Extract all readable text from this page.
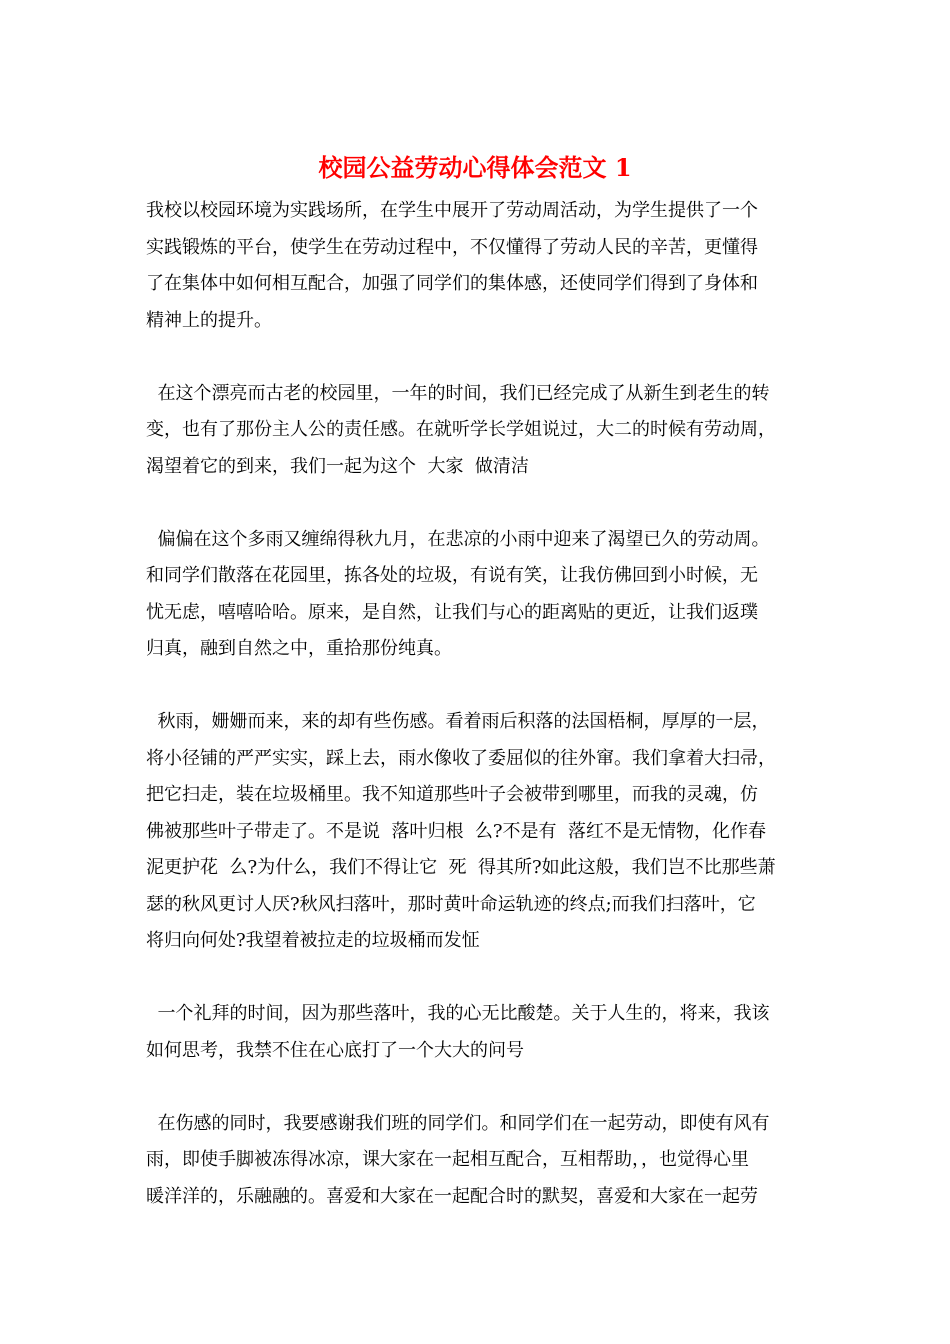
校园公益劳动心得体会范文 1

我校以校园环境为实践场所，在学生中展开了劳动周活动，为学生提供了一个
实践锻炼的平台，使学生在劳动过程中，不仅懂得了劳动人民的辛苦，更懂得
了在集体中如何相互配合，加强了同学们的集体感，还使同学们得到了身体和
精神上的提升。

在这个漂亮而古老的校园里，一年的时间，我们已经完成了从新生到老生的转
变，也有了那份主人公的责任感。在就听学长学姐说过，大二的时候有劳动周，
渴望着它的到来，我们一起为这个  大家  做清洁

偏偏在这个多雨又缠绵得秋九月，在悲凉的小雨中迎来了渴望已久的劳动周。
和同学们散落在花园里，拣各处的垃圾，有说有笑，让我仿佛回到小时候，无
忧无虑，嘻嘻哈哈。原来，是自然，让我们与心的距离贴的更近，让我们返璞
归真，融到自然之中，重拾那份纯真。

秋雨，姗姗而来，来的却有些伤感。看着雨后积落的法国梧桐，厚厚的一层，
将小径铺的严严实实，踩上去，雨水像收了委屈似的往外窜。我们拿着大扫帚，
把它扫走，装在垃圾桶里。我不知道那些叶子会被带到哪里，而我的灵魂，仿
佛被那些叶子带走了。不是说  落叶归根  么?不是有  落红不是无情物，化作春
泥更护花  么?为什么，我们不得让它  死  得其所?如此这般，我们岂不比那些萧
瑟的秋风更讨人厌?秋风扫落叶，那时黄叶命运轨迹的终点;而我们扫落叶，它
将归向何处?我望着被拉走的垃圾桶而发怔

一个礼拜的时间，因为那些落叶，我的心无比酸楚。关于人生的，将来，我该
如何思考，我禁不住在心底打了一个大大的问号

在伤感的同时，我要感谢我们班的同学们。和同学们在一起劳动，即使有风有
雨，即使手脚被冻得冰凉，课大家在一起相互配合，互相帮助，，也觉得心里
暖洋洋的，乐融融的。喜爱和大家在一起配合时的默契，喜爱和大家在一起劳
